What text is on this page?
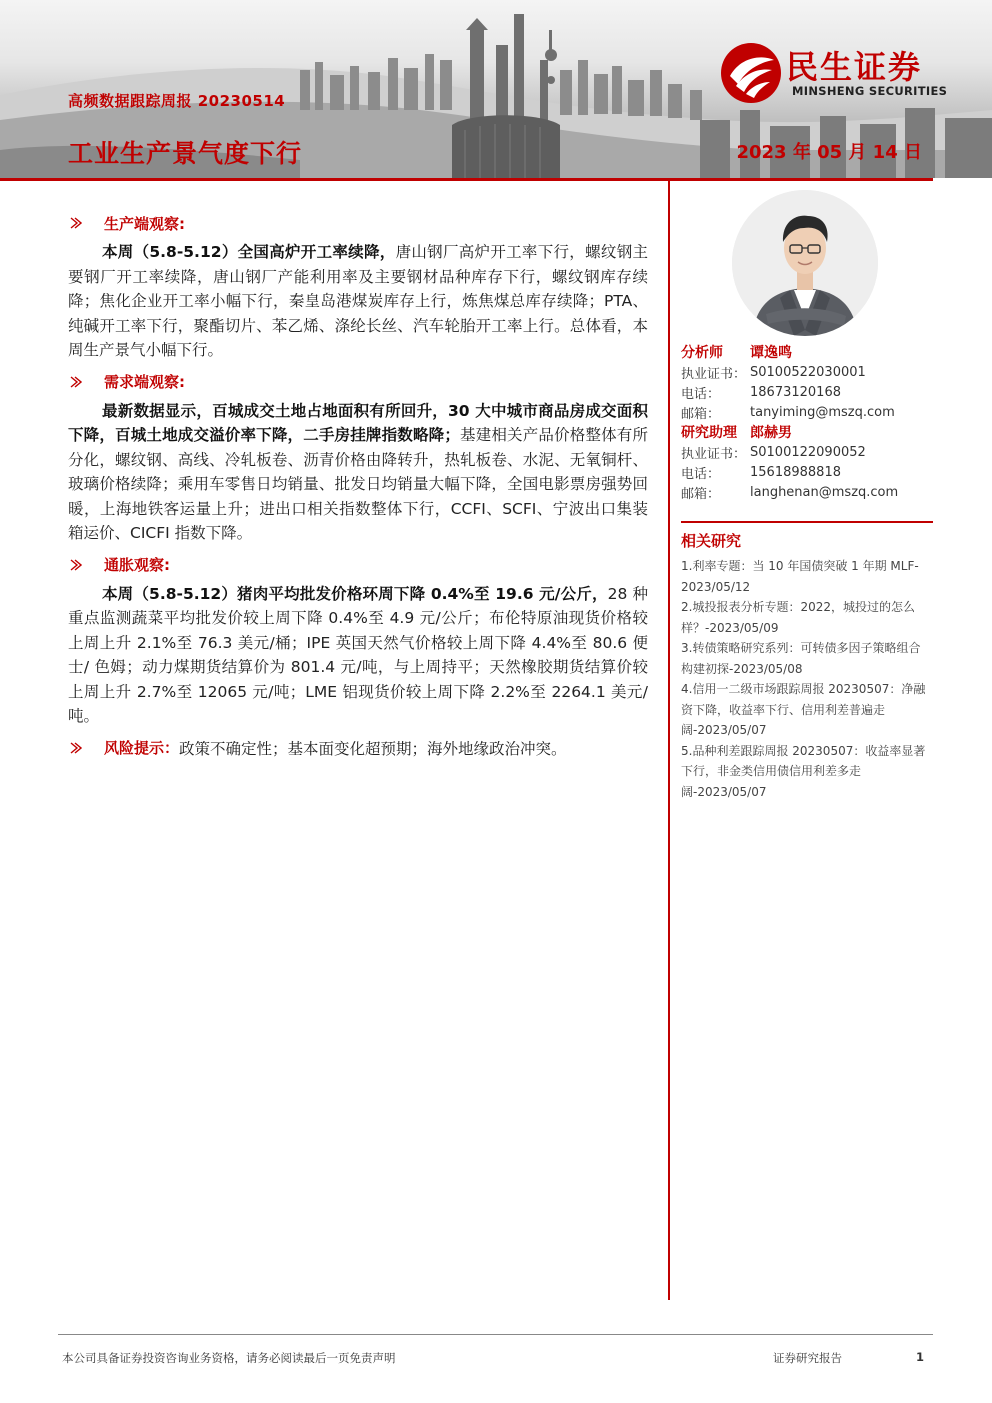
高频数据跟踪周报 20230514
工业生产景气度下行	2023 年 05 月 14 日
民生证券
MINSHENG SECURITIES
生产端观察:

本周（5.8-5.12）全国高炉开工率续降，唐山钢厂高炉开工率下行，螺纹钢主要钢厂开工率续降，唐山钢厂产能利用率及主要钢材品种库存下行，螺纹钢库存续降；焦化企业开工率小幅下行，秦皇岛港煤炭库存上行，炼焦煤总库存续降；PTA、纯碱开工率下行，聚酯切片、苯乙烯、涤纶长丝、汽车轮胎开工率上行。总体看，本周生产景气小幅下行。

需求端观察:

最新数据显示，百城成交土地占地面积有所回升，30 大中城市商品房成交面积下降，百城土地成交溢价率下降，二手房挂牌指数略降；基建相关产品价格整体有所分化，螺纹钢、高线、冷轧板卷、沥青价格由降转升，热轧板卷、水泥、无氧铜杆、玻璃价格续降；乘用车零售日均销量、批发日均销量大幅下降，全国电影票房强势回暖，上海地铁客运量上升；进出口相关指数整体下行，CCFI、SCFI、宁波出口集装箱运价、CICFI 指数下降。

通胀观察:

本周（5.8-5.12）猪肉平均批发价格环周下降 0.4%至 19.6 元/公斤，28 种重点监测蔬菜平均批发价较上周下降 0.4%至 4.9 元/公斤；布伦特原油现货价格较上周上升 2.1%至 76.3 美元/桶；IPE 英国天然气价格较上周下降 4.4%至 80.6 便士/ 色姆；动力煤期货结算价为 801.4 元/吨，与上周持平；天然橡胶期货结算价较上周上升 2.7%至 12065 元/吨；LME 铝现货价较上周下降 2.2%至 2264.1 美元/吨。

风险提示： 政策不确定性；基本面变化超预期；海外地缘政治冲突。
分析师	谭逸鸣
执业证书： S0100522030001
电话：	18673120168
邮箱：	tanyiming@mszq.com
研究助理 郎赫男
执业证书： S0100122090052
电话：	15618988818
邮箱：	langhenan@mszq.com
相关研究

1.利率专题：当 10 年国债突破 1 年期 MLF-2023/05/12

2.城投报表分析专题：2022，城投过的怎么样？-2023/05/09

3.转债策略研究系列：可转债多因子策略组合构建初探-2023/05/08

4.信用一二级市场跟踪周报 20230507：净融资下降，收益率下行、信用利差普遍走阔-2023/05/07

5.品种利差跟踪周报 20230507：收益率显著下行，非金类信用债信用利差多走阔-2023/05/07

本公司具备证券投资咨询业务资格，请务必阅读最后一页免责声明	证券研究报告	1
